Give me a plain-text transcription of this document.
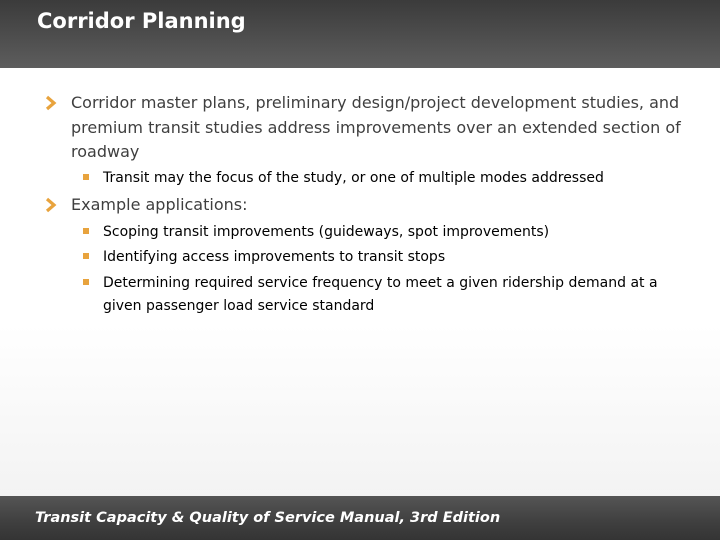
Corridor Planning
Corridor master plans, preliminary design/project development studies, and premium transit studies address improvements over an extended section of roadway
Transit may the focus of the study, or one of multiple modes addressed
Example applications:
Scoping transit improvements (guideways, spot improvements)
Identifying access improvements to transit stops
Determining required service frequency to meet a given ridership demand at a given passenger load service standard
Transit Capacity & Quality of Service Manual, 3rd Edition
